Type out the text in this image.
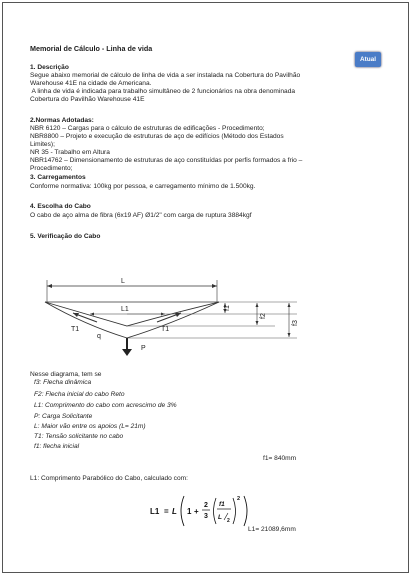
Atual
Memorial de Cálculo - Linha de vida
1. Descrição
Segue abaixo memorial de cálculo de linha de vida a ser instalada na Cobertura do Pavilhão
Warehouse 41E na cidade de Americana.
A linha de vida é indicada para trabalho simultâneo de 2 funcionários na obra denominada
Cobertura do Pavilhão Warehouse 41E
2.Normas Adotadas:
NBR 6120 – Cargas para o cálculo de estruturas de edificações - Procedimento;
NBR8800 – Projeto e execução de estruturas de aço de edifícios (Método dos Estados
Limites);
NR 35 - Trabalho em Altura
NBR14762 – Dimensionamento de estruturas de aço constituídas por perfis formados a frio –
Procedimento;
3. Carregamentos
Conforme normativa: 100kg por pessoa, e carregamento mínimo de 1.500kg.
4. Escolha do Cabo
O cabo de aço alma de fibra (6x19 AF) Ø1/2" com carga de ruptura 3884kgf
5. Verificação do Cabo
L
L1	f1
f2
f3
T1	T1
q
P
Nesse diagrama, tem se
f3: Flecha dinâmica
F2: Flecha inicial do cabo Reto
L1: Comprimento do cabo com acrescimo de 3%
P: Carga Solicitante
L: Maior vão entre os apoios (L= 21m)
T1: Tensão solicitante no cabo
f1: flecha inicial
f1= 840mm
L1: Comprimento Parabólico do Cabo, calculado com:
L1 = L 1 +
2
3
f1
L 2
2
L1= 21089,6mm
